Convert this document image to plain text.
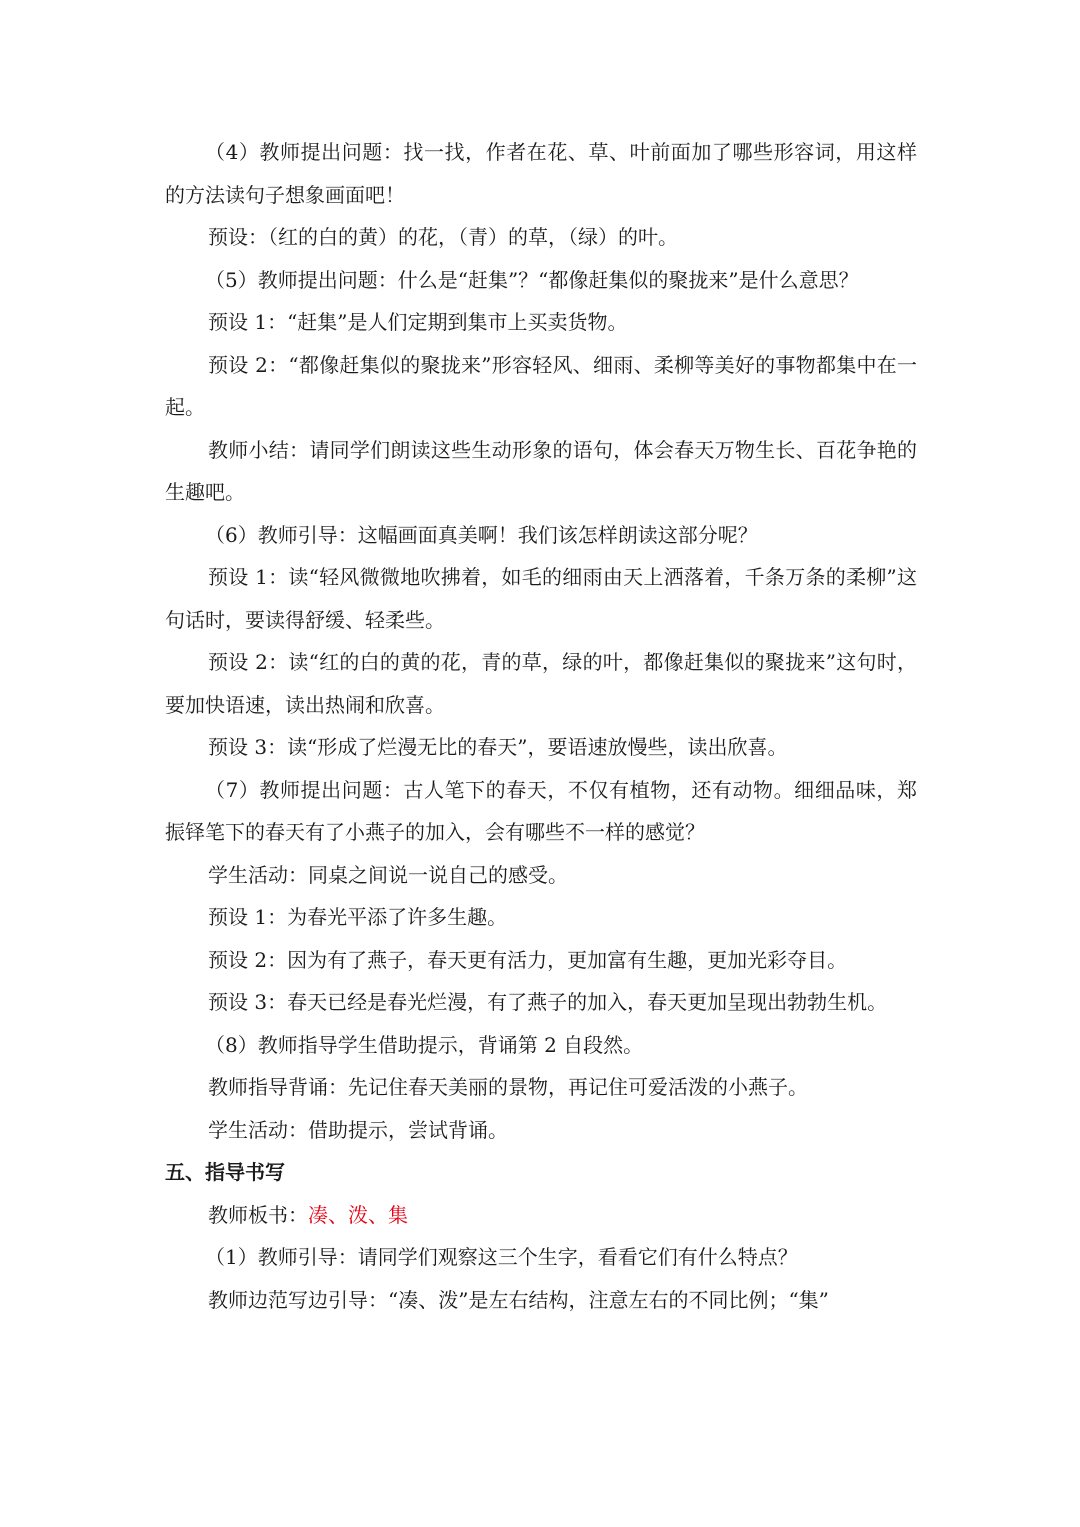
（4）教师提出问题：找一找，作者在花、草、叶前面加了哪些形容词，用这样的方法读句子想象画面吧！

预设：（红的白的黄）的花，（青）的草，（绿）的叶。

（5）教师提出问题：什么是“赶集”？“都像赶集似的聚拢来”是什么意思？

预设 1：“赶集”是人们定期到集市上买卖货物。

预设 2：“都像赶集似的聚拢来”形容轻风、细雨、柔柳等美好的事物都集中在一起。

教师小结：请同学们朗读这些生动形象的语句，体会春天万物生长、百花争艳的生趣吧。

（6）教师引导：这幅画面真美啊！我们该怎样朗读这部分呢？

预设 1：读“轻风微微地吹拂着，如毛的细雨由天上洒落着，千条万条的柔柳”这句话时，要读得舒缓、轻柔些。

预设 2：读“红的白的黄的花，青的草，绿的叶，都像赶集似的聚拢来”这句时，要加快语速，读出热闹和欣喜。

预设 3：读“形成了烂漫无比的春天”，要语速放慢些，读出欣喜。

（7）教师提出问题：古人笔下的春天，不仅有植物，还有动物。细细品味，郑振铎笔下的春天有了小燕子的加入，会有哪些不一样的感觉？

学生活动：同桌之间说一说自己的感受。

预设 1：为春光平添了许多生趣。

预设 2：因为有了燕子，春天更有活力，更加富有生趣，更加光彩夺目。

预设 3：春天已经是春光烂漫，有了燕子的加入，春天更加呈现出勃勃生机。

（8）教师指导学生借助提示，背诵第 2 自段然。

教师指导背诵：先记住春天美丽的景物，再记住可爱活泼的小燕子。

学生活动：借助提示，尝试背诵。

五、指导书写

教师板书：凑、泼、集

（1）教师引导：请同学们观察这三个生字，看看它们有什么特点？

教师边范写边引导：“凑、泼”是左右结构，注意左右的不同比例；“集”
